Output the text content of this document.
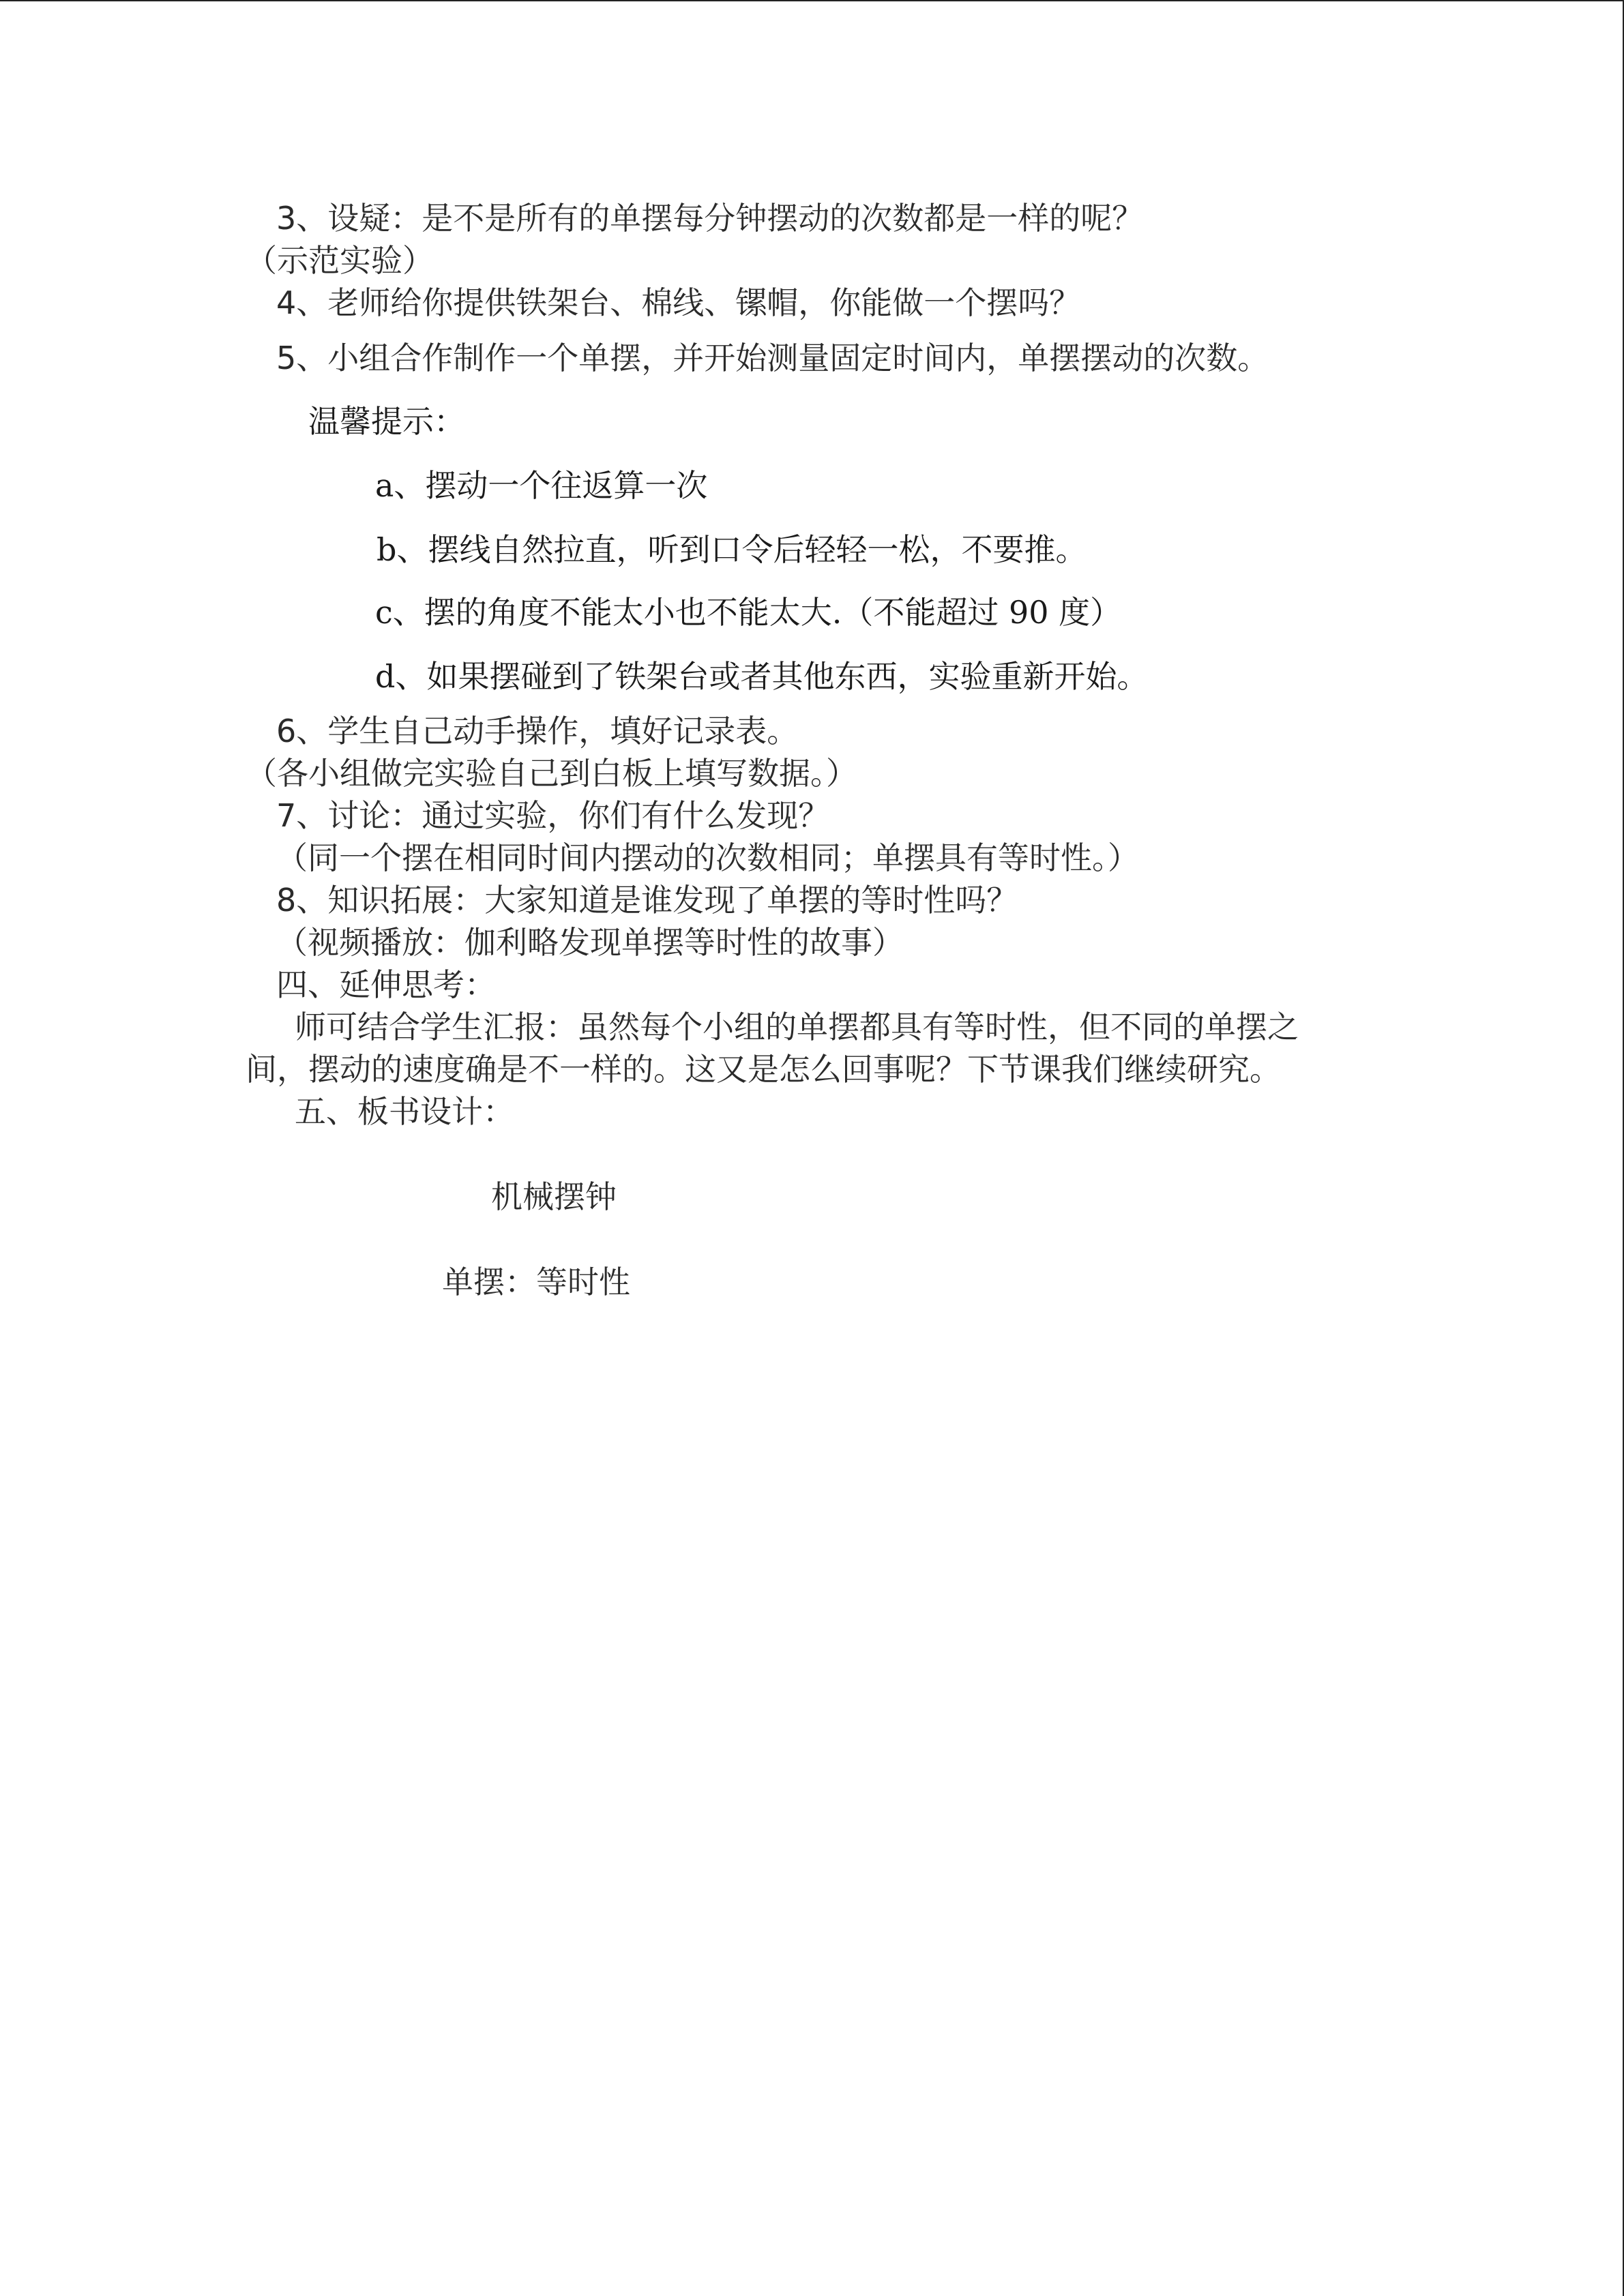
3、设疑：是不是所有的单摆每分钟摆动的次数都是一样的呢？
（示范实验）
4、老师给你提供铁架台、棉线、镙帽，你能做一个摆吗？
5、小组合作制作一个单摆，并开始测量固定时间内，单摆摆动的次数。
温馨提示：
a、摆动一个往返算一次
b、摆线自然拉直，听到口令后轻轻一松，不要推。
c、摆的角度不能太小也不能太大.（不能超过 90 度）
d、如果摆碰到了铁架台或者其他东西，实验重新开始。
6、学生自己动手操作，填好记录表。
（各小组做完实验自己到白板上填写数据。）
7、讨论：通过实验，你们有什么发现？
（同一个摆在相同时间内摆动的次数相同；单摆具有等时性。）
8、知识拓展：大家知道是谁发现了单摆的等时性吗？
（视频播放：伽利略发现单摆等时性的故事）
四、延伸思考：
师可结合学生汇报：虽然每个小组的单摆都具有等时性，但不同的单摆之
间，摆动的速度确是不一样的。这又是怎么回事呢？下节课我们继续研究。
五、板书设计：
机械摆钟
单摆：等时性
